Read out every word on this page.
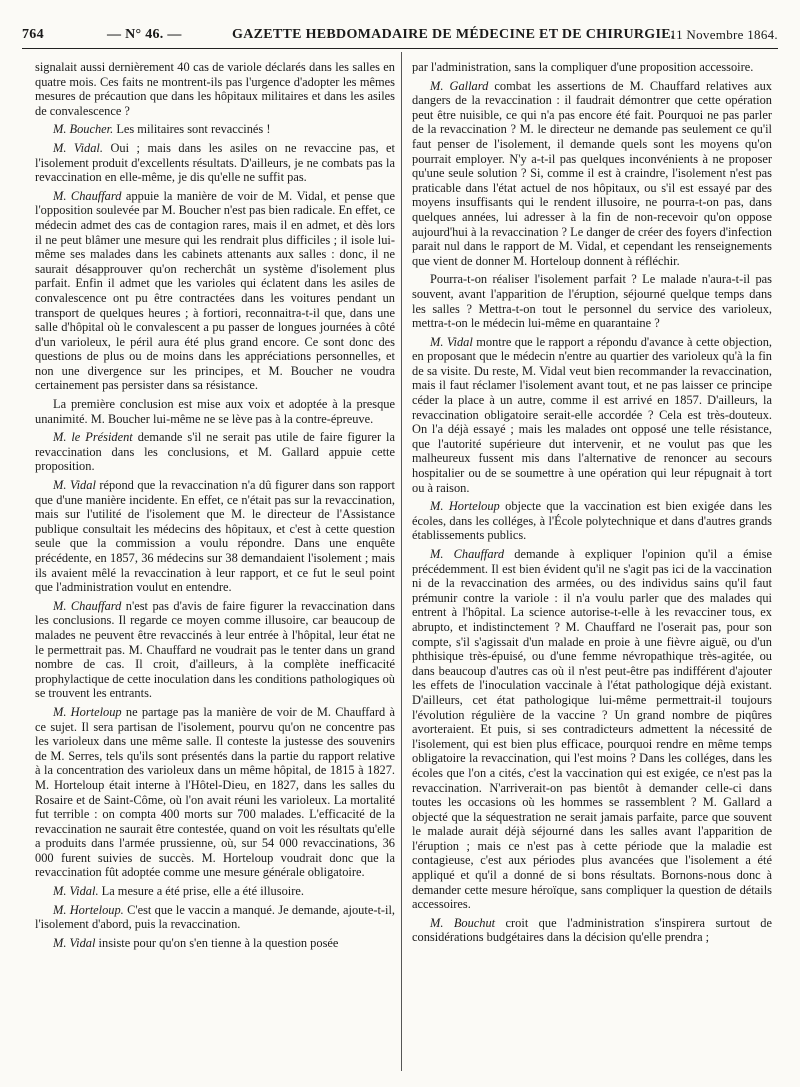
764	— N° 46. —	GAZETTE HEBDOMADAIRE DE MÉDECINE ET DE CHIRURGIE.
11 Novembre 1864.

signalait aussi dernièrement 40 cas de variole déclarés dans les salles en quatre mois. Ces faits ne montrent-ils pas l'urgence d'adopter les mêmes mesures de précaution que dans les hôpitaux militaires et dans les asiles de convalescence ?

M. Boucher. Les militaires sont revaccinés !

M. Vidal. Oui ; mais dans les asiles on ne revaccine pas, et l'isolement produit d'excellents résultats. D'ailleurs, je ne combats pas la revaccination en elle-même, je dis qu'elle ne suffit pas.

M. Chauffard appuie la manière de voir de M. Vidal, et pense que l'opposition soulevée par M. Boucher n'est pas bien radicale. En effet, ce médecin admet des cas de contagion rares, mais il en admet, et dès lors il ne peut blâmer une mesure qui les rendrait plus difficiles ; il isole lui-même ses malades dans les cabinets attenants aux salles : donc, il ne saurait désapprouver qu'on recherchât un système d'isolement plus parfait. Enfin il admet que les varioles qui éclatent dans les asiles de convalescence ont pu être contractées dans les voitures pendant un transport de quelques heures ; à fortiori, reconnaitra-t-il que, dans une salle d'hôpital où le convalescent a pu passer de longues journées à côté d'un varioleux, le péril aura été plus grand encore. Ce sont donc des questions de plus ou de moins dans les appréciations personnelles, et non une divergence sur les principes, et M. Boucher ne voudra certainement pas persister dans sa résistance.

La première conclusion est mise aux voix et adoptée à la presque unanimité. M. Boucher lui-même ne se lève pas à la contre-épreuve.

M. le Président demande s'il ne serait pas utile de faire figurer la revaccination dans les conclusions, et M. Gallard appuie cette proposition.

M. Vidal répond que la revaccination n'a dû figurer dans son rapport que d'une manière incidente. En effet, ce n'était pas sur la revaccination, mais sur l'utilité de l'isolement que M. le directeur de l'Assistance publique consultait les médecins des hôpitaux, et c'est à cette question seule que la commission a voulu répondre. Dans une enquête précédente, en 1857, 36 médecins sur 38 demandaient l'isolement ; mais ils avaient mêlé la revaccination à leur rapport, et ce fut le seul point que l'administration voulut en entendre.

M. Chauffard n'est pas d'avis de faire figurer la revaccination dans les conclusions. Il regarde ce moyen comme illusoire, car beaucoup de malades ne peuvent être revaccinés à leur entrée à l'hôpital, leur état ne le permettrait pas. M. Chauffard ne voudrait pas le tenter dans un grand nombre de cas. Il croit, d'ailleurs, à la complète inefficacité prophylactique de cette inoculation dans les conditions pathologiques où se trouvent les entrants.

M. Horteloup ne partage pas la manière de voir de M. Chauffard à ce sujet. Il sera partisan de l'isolement, pourvu qu'on ne concentre pas les varioleux dans une même salle. Il conteste la justesse des souvenirs de M. Serres, tels qu'ils sont présentés dans la partie du rapport relative à la concentration des varioleux dans un même hôpital, de 1815 à 1827. M. Horteloup était interne à l'Hôtel-Dieu, en 1827, dans les salles du Rosaire et de Saint-Côme, où l'on avait réuni les varioleux. La mortalité fut terrible : on compta 400 morts sur 700 malades. L'efficacité de la revaccination ne saurait être contestée, quand on voit les résultats qu'elle a produits dans l'armée prussienne, où, sur 54 000 revaccinations, 36 000 furent suivies de succès. M. Horteloup voudrait donc que la revaccination fût adoptée comme une mesure générale obligatoire.

M. Vidal. La mesure a été prise, elle a été illusoire.

M. Horteloup. C'est que le vaccin a manqué. Je demande, ajoute-t-il, l'isolement d'abord, puis la revaccination.

M. Vidal insiste pour qu'on s'en tienne à la question posée

par l'administration, sans la compliquer d'une proposition accessoire.

M. Gallard combat les assertions de M. Chauffard relatives aux dangers de la revaccination : il faudrait démontrer que cette opération peut être nuisible, ce qui n'a pas encore été fait. Pourquoi ne pas parler de la revaccination ? M. le directeur ne demande pas seulement ce qu'il faut penser de l'isolement, il demande quels sont les moyens qu'on pourrait employer. N'y a-t-il pas quelques inconvénients à ne proposer qu'une seule solution ? Si, comme il est à craindre, l'isolement n'est pas praticable dans l'état actuel de nos hôpitaux, ou s'il est essayé par des moyens insuffisants qui le rendent illusoire, ne pourra-t-on pas, dans quelques années, lui adresser à la fin de non-recevoir qu'on oppose aujourd'hui à la revaccination ? Le danger de créer des foyers d'infection parait nul dans le rapport de M. Vidal, et cependant les renseignements que vient de donner M. Horteloup donnent à réfléchir.

Pourra-t-on réaliser l'isolement parfait ? Le malade n'aura-t-il pas souvent, avant l'apparition de l'éruption, séjourné quelque temps dans les salles ? Mettra-t-on tout le personnel du service des varioleux, mettra-t-on le médecin lui-même en quarantaine ?

M. Vidal montre que le rapport a répondu d'avance à cette objection, en proposant que le médecin n'entre au quartier des varioleux qu'à la fin de sa visite. Du reste, M. Vidal veut bien recommander la revaccination, mais il faut réclamer l'isolement avant tout, et ne pas laisser ce principe céder la place à un autre, comme il est arrivé en 1857. D'ailleurs, la revaccination obligatoire serait-elle accordée ? Cela est très-douteux. On l'a déjà essayé ; mais les malades ont opposé une telle résistance, que l'autorité supérieure dut intervenir, et ne voulut pas que les malheureux fussent mis dans l'alternative de renoncer au secours hospitalier ou de se soumettre à une opération qui leur répugnait à tort ou à raison.

M. Horteloup objecte que la vaccination est bien exigée dans les écoles, dans les colléges, à l'École polytechnique et dans d'autres grands établissements publics.

M. Chauffard demande à expliquer l'opinion qu'il a émise précédemment. Il est bien évident qu'il ne s'agit pas ici de la vaccination ni de la revaccination des armées, ou des individus sains qu'il faut prémunir contre la variole : il n'a voulu parler que des malades qui entrent à l'hôpital. La science autorise-t-elle à les revacciner tous, ex abrupto, et indistinctement ? M. Chauffard ne l'oserait pas, pour son compte, s'il s'agissait d'un malade en proie à une fièvre aiguë, ou d'un phthisique très-épuisé, ou d'une femme névropathique très-agitée, ou dans beaucoup d'autres cas où il n'est peut-être pas indifférent d'ajouter les effets de l'inoculation vaccinale à l'état pathologique déjà existant. D'ailleurs, cet état pathologique lui-même permettrait-il toujours l'évolution régulière de la vaccine ? Un grand nombre de piqûres avorteraient. Et puis, si ses contradicteurs admettent la nécessité de l'isolement, qui est bien plus efficace, pourquoi rendre en même temps obligatoire la revaccination, qui l'est moins ? Dans les colléges, dans les écoles que l'on a cités, c'est la vaccination qui est exigée, ce n'est pas la revaccination. N'arriverait-on pas bientôt à demander celle-ci dans toutes les occasions où les hommes se rassemblent ? M. Gallard a objecté que la séquestration ne serait jamais parfaite, parce que souvent le malade aurait déjà séjourné dans les salles avant l'apparition de l'éruption ; mais ce n'est pas à cette période que la maladie est contagieuse, c'est aux périodes plus avancées que l'isolement a été appliqué et qu'il a donné de si bons résultats. Bornons-nous donc à demander cette mesure héroïque, sans compliquer la question de détails accessoires.

M. Bouchut croit que l'administration s'inspirera surtout de considérations budgétaires dans la décision qu'elle prendra ;
